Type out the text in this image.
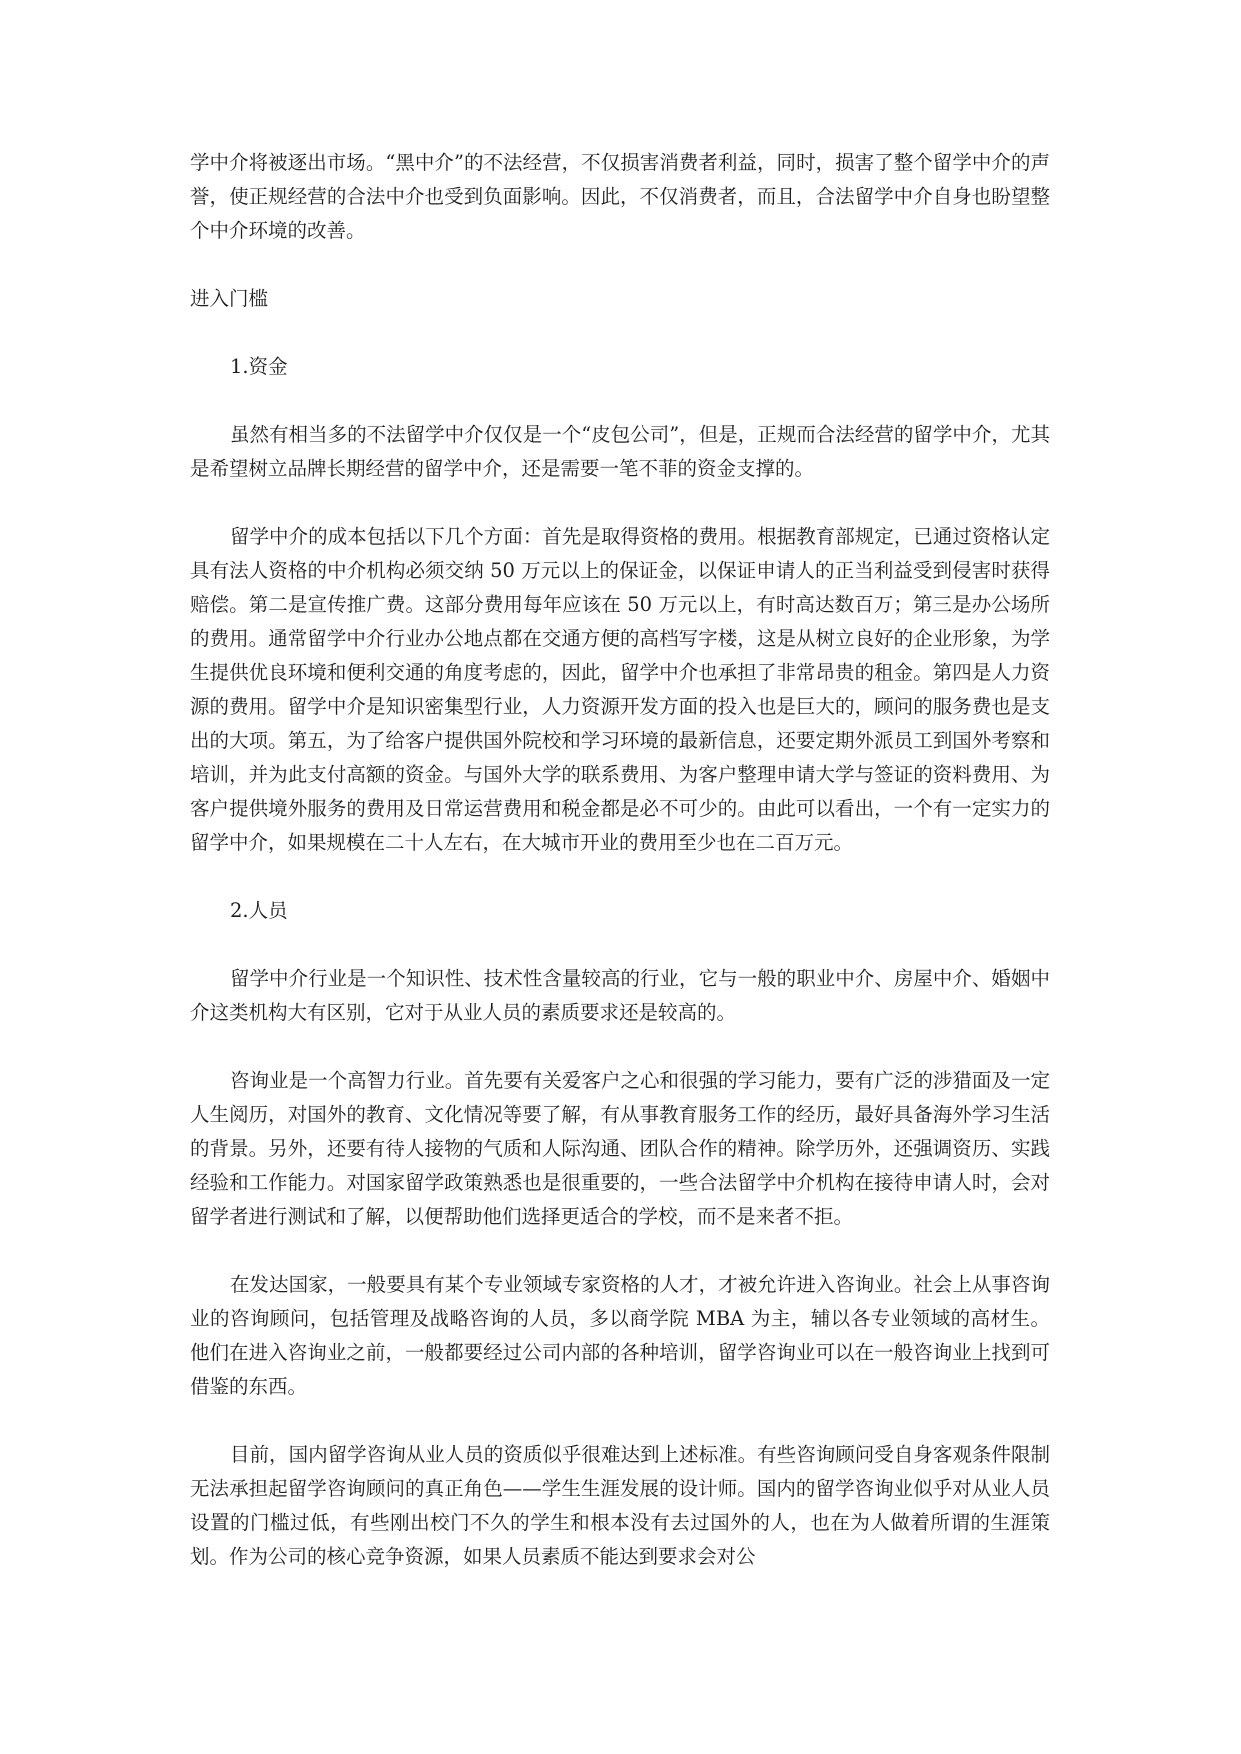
学中介将被逐出市场。“黑中介”的不法经营，不仅损害消费者利益，同时，损害了整个留学中介的声誉，使正规经营的合法中介也受到负面影响。因此，不仅消费者，而且，合法留学中介自身也盼望整个中介环境的改善。

进入门槛

1.资金

虽然有相当多的不法留学中介仅仅是一个“皮包公司”，但是，正规而合法经营的留学中介，尤其是希望树立品牌长期经营的留学中介，还是需要一笔不菲的资金支撑的。

留学中介的成本包括以下几个方面：首先是取得资格的费用。根据教育部规定，已通过资格认定具有法人资格的中介机构必须交纳 50 万元以上的保证金，以保证申请人的正当利益受到侵害时获得赔偿。第二是宣传推广费。这部分费用每年应该在 50 万元以上，有时高达数百万；第三是办公场所的费用。通常留学中介行业办公地点都在交通方便的高档写字楼，这是从树立良好的企业形象，为学生提供优良环境和便利交通的角度考虑的，因此，留学中介也承担了非常昂贵的租金。第四是人力资源的费用。留学中介是知识密集型行业，人力资源开发方面的投入也是巨大的，顾问的服务费也是支出的大项。第五，为了给客户提供国外院校和学习环境的最新信息，还要定期外派员工到国外考察和培训，并为此支付高额的资金。与国外大学的联系费用、为客户整理申请大学与签证的资料费用、为客户提供境外服务的费用及日常运营费用和税金都是必不可少的。由此可以看出，一个有一定实力的留学中介，如果规模在二十人左右，在大城市开业的费用至少也在二百万元。

2.人员

留学中介行业是一个知识性、技术性含量较高的行业，它与一般的职业中介、房屋中介、婚姻中介这类机构大有区别，它对于从业人员的素质要求还是较高的。

咨询业是一个高智力行业。首先要有关爱客户之心和很强的学习能力，要有广泛的涉猎面及一定人生阅历，对国外的教育、文化情况等要了解，有从事教育服务工作的经历，最好具备海外学习生活的背景。另外，还要有待人接物的气质和人际沟通、团队合作的精神。除学历外，还强调资历、实践经验和工作能力。对国家留学政策熟悉也是很重要的，一些合法留学中介机构在接待申请人时，会对留学者进行测试和了解，以便帮助他们选择更适合的学校，而不是来者不拒。

在发达国家，一般要具有某个专业领域专家资格的人才，才被允许进入咨询业。社会上从事咨询业的咨询顾问，包括管理及战略咨询的人员，多以商学院 MBA 为主，辅以各专业领域的高材生。他们在进入咨询业之前，一般都要经过公司内部的各种培训，留学咨询业可以在一般咨询业上找到可借鉴的东西。

目前，国内留学咨询从业人员的资质似乎很难达到上述标准。有些咨询顾问受自身客观条件限制无法承担起留学咨询顾问的真正角色——学生生涯发展的设计师。国内的留学咨询业似乎对从业人员设置的门槛过低，有些刚出校门不久的学生和根本没有去过国外的人，也在为人做着所谓的生涯策划。作为公司的核心竞争资源，如果人员素质不能达到要求会对公
